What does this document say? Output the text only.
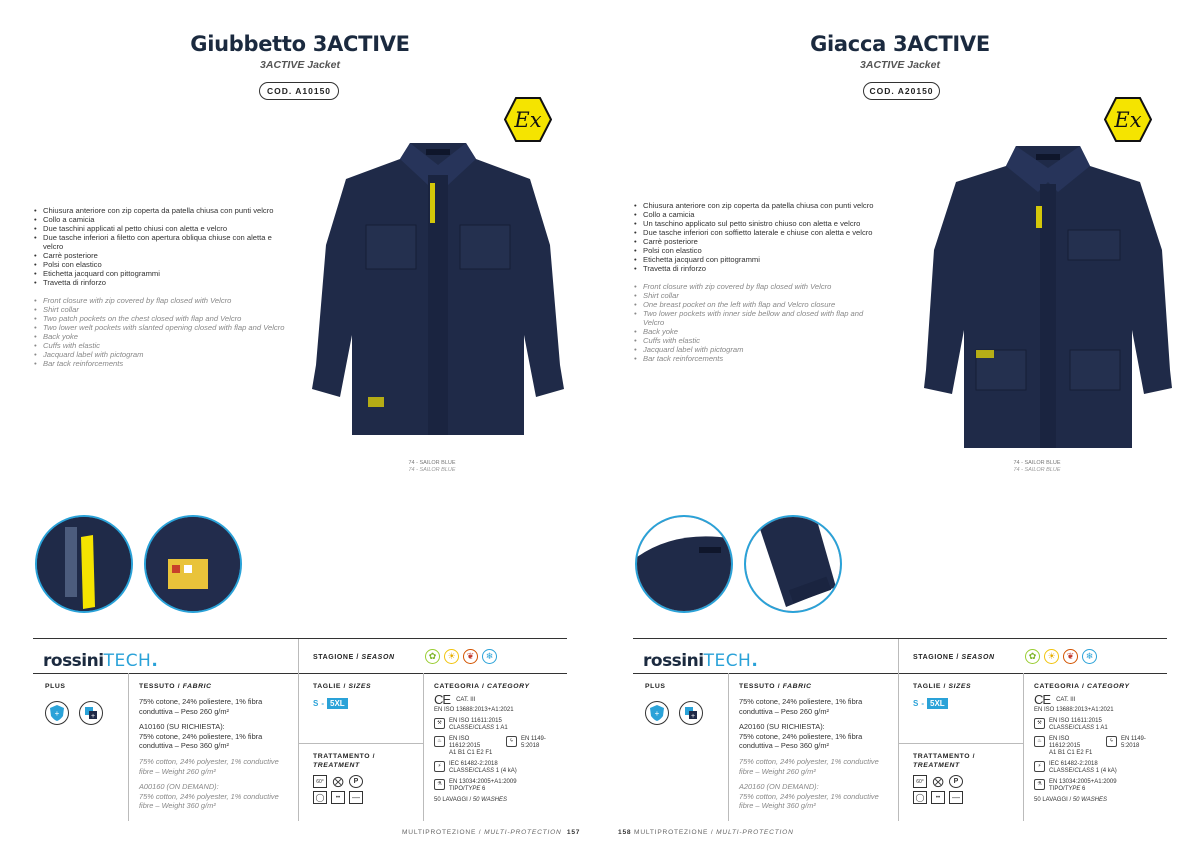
Giubbetto 3ACTIVE
3ACTIVE Jacket
COD. A10150
Ex
• Chiusura anteriore con zip coperta da patella chiusa con punti velcro
• Collo a camicia
• Due taschini applicati al petto chiusi con aletta e velcro
• Due tasche inferiori a filetto con apertura obliqua chiuse con aletta e velcro
• Carrè posteriore
• Polsi con elastico
• Etichetta jacquard con pittogrammi
• Travetta di rinforzo
• Front closure with zip covered by flap closed with Velcro
• Shirt collar
• Two patch pockets on the chest closed with flap and Velcro
• Two lower welt pockets with slanted opening closed with flap and Velcro
• Back yoke
• Cuffs with elastic
• Jacquard label with pictogram
• Bar tack reinforcements
74 - SAILOR BLUE
74 - SAILOR BLUE
rossiniTECH.	STAGIONE / SEASON	✿	☀	❦	❄
PLUS
+	+
TESSUTO / FABRIC

75% cotone, 24% poliestere, 1% fibra conduttiva – Peso 260 g/m²

A10160 (SU RICHIESTA):
75% cotone, 24% poliestere, 1% fibra conduttiva – Peso 360 g/m²

75% cotton, 24% polyester, 1% conductive fibre – Weight 260 g/m²

A00160 (ON DEMAND):
75% cotton, 24% polyester, 1% conductive fibre – Weight 360 g/m²

TAGLIE / SIZES
S - 5XL
TRATTAMENTO /
TREATMENT
60° ⨂	P
◯	••	—
CATEGORIA / CATEGORY
CE CAT. III
EN ISO 13688:2013+A1:2021
⚒	EN ISO 11611:2015
CLASSE/CLASS 1 A1
♨	EN ISO 11612:2015
A1 B1 C1 E2 F1
ϟ	EN 1149-5:2018
⚡	IEC 61482-2:2018
CLASSE/CLASS 1 (4 kA)
⚗	EN 13034:2005+A1:2009
TIPO/TYPE 6
50 LAVAGGI / 50 WASHES
MULTIPROTEZIONE / MULTI-PROTECTION 157
Giacca 3ACTIVE
3ACTIVE Jacket
COD. A20150
Ex
• Chiusura anteriore con zip coperta da patella chiusa con punti velcro
• Collo a camicia
• Un taschino applicato sul petto sinistro chiuso con aletta e velcro
• Due tasche inferiori con soffietto laterale e chiuse con aletta e velcro
• Carrè posteriore
• Polsi con elastico
• Etichetta jacquard con pittogrammi
• Travetta di rinforzo
• Front closure with zip covered by flap closed with Velcro
• Shirt collar
• One breast pocket on the left with flap and Velcro closure
• Two lower pockets with inner side bellow and closed with flap and Velcro
• Back yoke
• Cuffs with elastic
• Jacquard label with pictogram
• Bar tack reinforcements
74 - SAILOR BLUE
74 - SAILOR BLUE
rossiniTECH.	STAGIONE / SEASON	✿	☀	❦	❄
PLUS
+	+
TESSUTO / FABRIC

75% cotone, 24% poliestere, 1% fibra conduttiva – Peso 260 g/m²

A20160 (SU RICHIESTA):
75% cotone, 24% poliestere, 1% fibra conduttiva – Peso 360 g/m²

75% cotton, 24% polyester, 1% conductive fibre – Weight 260 g/m²

A20160 (ON DEMAND):
75% cotton, 24% polyester, 1% conductive fibre – Weight 360 g/m²

TAGLIE / SIZES
S - 5XL
TRATTAMENTO /
TREATMENT
60° ⨂	P
◯	••	—
CATEGORIA / CATEGORY
CE CAT. III
EN ISO 13688:2013+A1:2021
⚒	EN ISO 11611:2015
CLASSE/CLASS 1 A1
♨	EN ISO 11612:2015
A1 B1 C1 E2 F1
ϟ	EN 1149-5:2018
⚡	IEC 61482-2:2018
CLASSE/CLASS 1 (4 kA)
⚗	EN 13034:2005+A1:2009
TIPO/TYPE 6
50 LAVAGGI / 50 WASHES
158 MULTIPROTEZIONE / MULTI-PROTECTION
